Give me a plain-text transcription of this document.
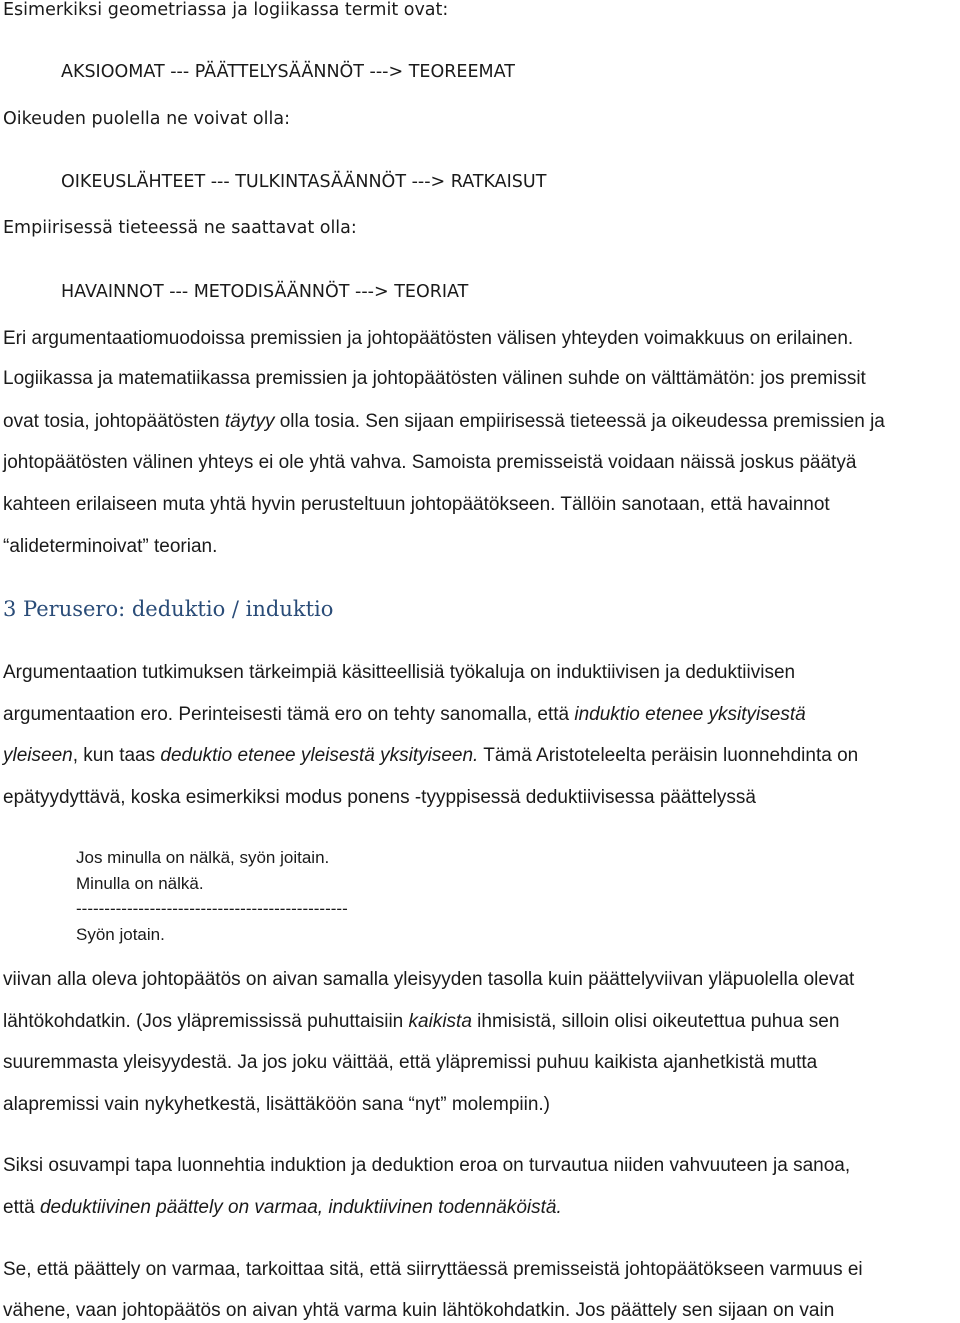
Esimerkiksi geometriassa ja logiikassa termit ovat:
AKSIOOMAT --- PÄÄTTELYSÄÄNNÖT ---> TEOREEMAT
Oikeuden puolella ne voivat olla:
OIKEUSLÄHTEET --- TULKINTASÄÄNNÖT ---> RATKAISUT
Empiirisessä tieteessä ne saattavat olla:
HAVAINNOT --- METODISÄÄNNÖT ---> TEORIAT
Eri argumentaatiomuodoissa premissien ja johtopäätösten välisen yhteyden voimakkuus on erilainen.
Logiikassa ja matematiikassa premissien ja johtopäätösten välinen suhde on välttämätön: jos premissit
ovat tosia, johtopäätösten täytyy olla tosia. Sen sijaan empiirisessä tieteessä ja oikeudessa premissien ja
johtopäätösten välinen yhteys ei ole yhtä vahva. Samoista premisseistä voidaan näissä joskus päätyä
kahteen erilaiseen muta yhtä hyvin perusteltuun johtopäätökseen. Tällöin sanotaan, että havainnot
“alideterminoivat” teorian.
3 Perusero: deduktio / induktio
Argumentaation tutkimuksen tärkeimpiä käsitteellisiä työkaluja on induktiivisen ja deduktiivisen
argumentaation ero. Perinteisesti tämä ero on tehty sanomalla, että induktio etenee yksityisestä
yleiseen, kun taas deduktio etenee yleisestä yksityiseen. Tämä Aristoteleelta peräisin luonnehdinta on
epätyydyttävä, koska esimerkiksi modus ponens -tyyppisessä deduktiivisessa päättelyssä
Jos minulla on nälkä, syön joitain.
Minulla on nälkä.
------------------------------------------------
Syön jotain.
viivan alla oleva johtopäätös on aivan samalla yleisyyden tasolla kuin päättelyviivan yläpuolella olevat
lähtökohdatkin. (Jos yläpremississä puhuttaisiin kaikista ihmisistä, silloin olisi oikeutettua puhua sen
suuremmasta yleisyydestä. Ja jos joku väittää, että yläpremissi puhuu kaikista ajanhetkistä mutta
alapremissi vain nykyhetkestä, lisättäköön sana “nyt” molempiin.)
Siksi osuvampi tapa luonnehtia induktion ja deduktion eroa on turvautua niiden vahvuuteen ja sanoa,
että deduktiivinen päättely on varmaa, induktiivinen todennäköistä.
Se, että päättely on varmaa, tarkoittaa sitä, että siirryttäessä premisseistä johtopäätökseen varmuus ei
vähene, vaan johtopäätös on aivan yhtä varma kuin lähtökohdatkin. Jos päättely sen sijaan on vain
